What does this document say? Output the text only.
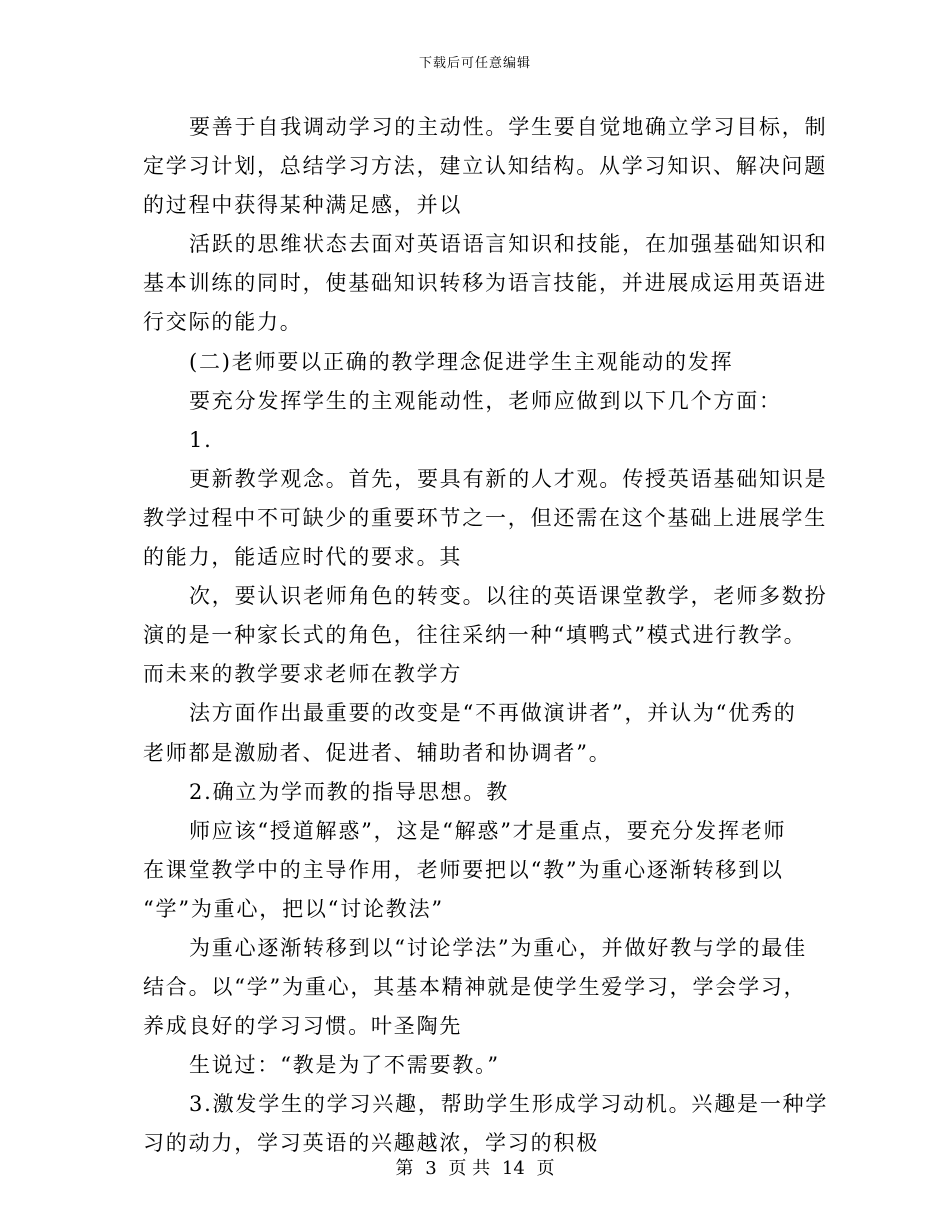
下载后可任意编辑
要善于自我调动学习的主动性。学生要自觉地确立学习目标，制
定学习计划，总结学习方法，建立认知结构。从学习知识、解决问题
的过程中获得某种满足感，并以
活跃的思维状态去面对英语语言知识和技能，在加强基础知识和
基本训练的同时，使基础知识转移为语言技能，并进展成运用英语进
行交际的能力。
(二)老师要以正确的教学理念促进学生主观能动的发挥
要充分发挥学生的主观能动性，老师应做到以下几个方面：
1.
更新教学观念。首先，要具有新的人才观。传授英语基础知识是
教学过程中不可缺少的重要环节之一，但还需在这个基础上进展学生
的能力，能适应时代的要求。其
次，要认识老师角色的转变。以往的英语课堂教学，老师多数扮
演的是一种家长式的角色，往往采纳一种“填鸭式”模式进行教学。
而未来的教学要求老师在教学方
法方面作出最重要的改变是“不再做演讲者”，并认为“优秀的
老师都是激励者、促进者、辅助者和协调者”。
2.确立为学而教的指导思想。教
师应该“授道解惑”，这是“解惑”才是重点，要充分发挥老师
在课堂教学中的主导作用，老师要把以“教”为重心逐渐转移到以
“学”为重心，把以“讨论教法”
为重心逐渐转移到以“讨论学法”为重心，并做好教与学的最佳
结合。以“学”为重心，其基本精神就是使学生爱学习，学会学习，
养成良好的学习习惯。叶圣陶先
生说过：“教是为了不需要教。”
3.激发学生的学习兴趣，帮助学生形成学习动机。兴趣是一种学
习的动力，学习英语的兴趣越浓，学习的积极
第 3 页 共 14 页
